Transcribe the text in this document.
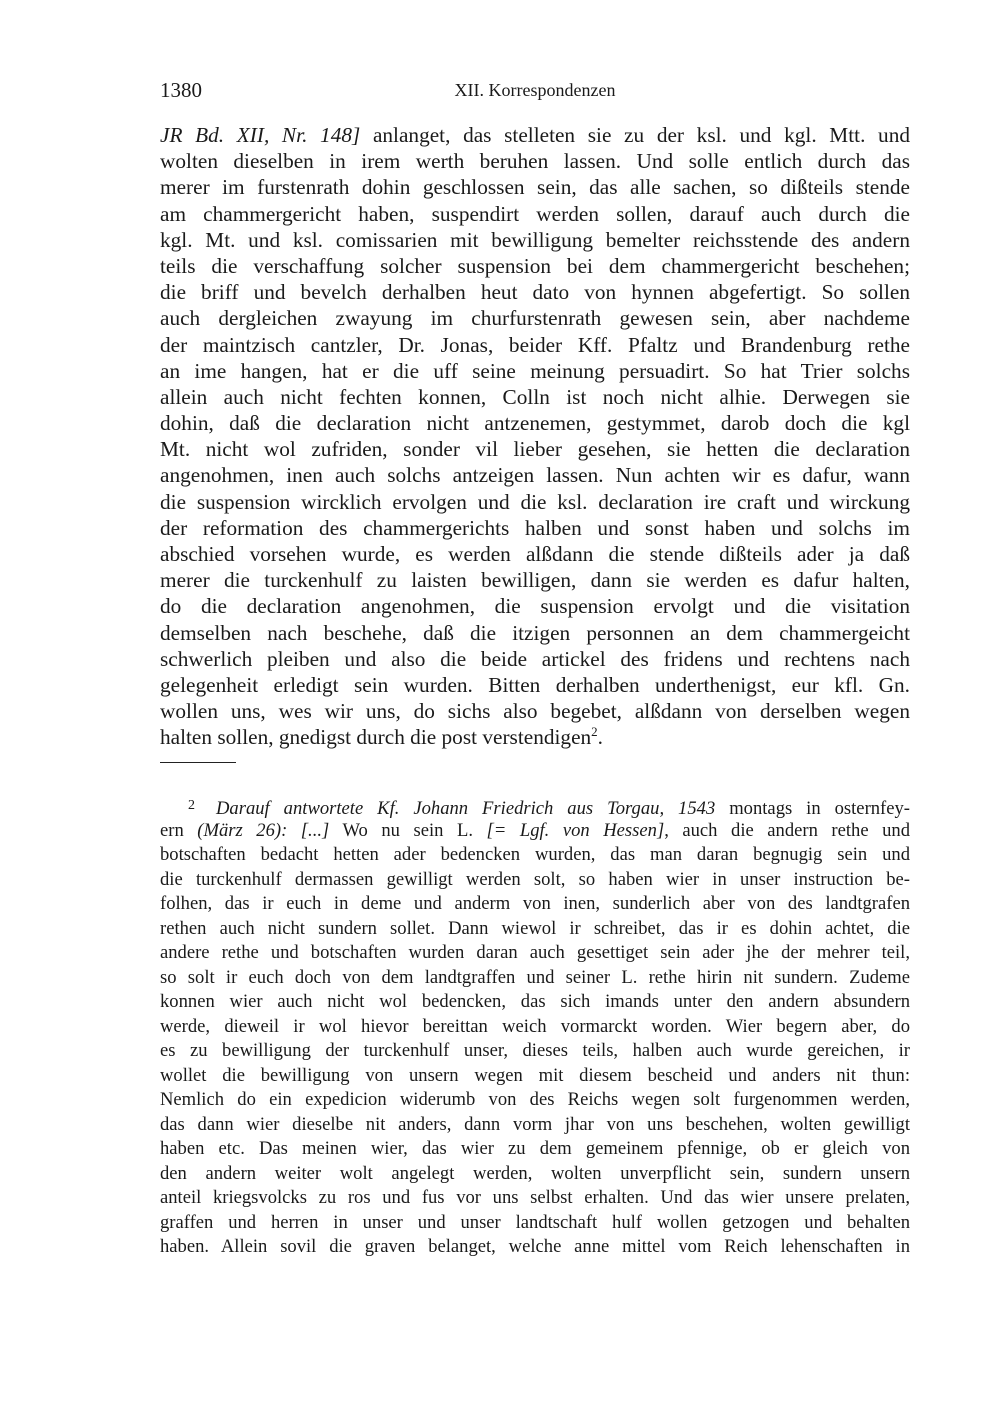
1380	XII. Korrespondenzen
JR Bd. XII, Nr. 148] anlanget, das stelleten sie zu der ksl. und kgl. Mtt. und
wolten dieselben in irem werth beruhen lassen. Und solle entlich durch das
merer im furstenrath dohin geschlossen sein, das alle sachen, so dißteils stende
am chammergericht haben, suspendirt werden sollen, darauf auch durch die
kgl. Mt. und ksl. comissarien mit bewilligung bemelter reichsstende des andern
teils die verschaffung solcher suspension bei dem chammergericht beschehen;
die briff und bevelch derhalben heut dato von hynnen abgefertigt. So sollen
auch dergleichen zwayung im churfurstenrath gewesen sein, aber nachdeme
der maintzisch cantzler, Dr. Jonas, beider Kff. Pfaltz und Brandenburg rethe
an ime hangen, hat er die uff seine meinung persuadirt. So hat Trier solchs
allein auch nicht fechten konnen, Colln ist noch nicht alhie. Derwegen sie
dohin, daß die declaration nicht antzenemen, gestymmet, darob doch die kgl
Mt. nicht wol zufriden, sonder vil lieber gesehen, sie hetten die declaration
angenohmen, inen auch solchs antzeigen lassen. Nun achten wir es dafur, wann
die suspension wircklich ervolgen und die ksl. declaration ire craft und wirckung
der reformation des chammergerichts halben und sonst haben und solchs im
abschied vorsehen wurde, es werden alßdann die stende dißteils ader ja daß
merer die turckenhulf zu laisten bewilligen, dann sie werden es dafur halten,
do die declaration angenohmen, die suspension ervolgt und die visitation
demselben nach beschehe, daß die itzigen personnen an dem chammergeicht
schwerlich pleiben und also die beide artickel des fridens und rechtens nach
gelegenheit erledigt sein wurden. Bitten derhalben underthenigst, eur kfl. Gn.
wollen uns, wes wir uns, do sichs also begebet, alßdann von derselben wegen
halten sollen, gnedigst durch die post verstendigen$^2$.
2 Darauf antwortete Kf. Johann Friedrich aus Torgau, 1543 montags in osternfey-
ern (März 26): [...] Wo nu sein L. [= Lgf. von Hessen], auch die andern rethe und
botschaften bedacht hetten ader bedencken wurden, das man daran begnugig sein und
die turckenhulf dermassen gewilligt werden solt, so haben wier in unser instruction be-
folhen, das ir euch in deme und anderm von inen, sunderlich aber von des landtgrafen
rethen auch nicht sundern sollet. Dann wiewol ir schreibet, das ir es dohin achtet, die
andere rethe und botschaften wurden daran auch gesettiget sein ader jhe der mehrer teil,
so solt ir euch doch von dem landtgraffen und seiner L. rethe hirin nit sundern. Zudeme
konnen wier auch nicht wol bedencken, das sich imands unter den andern absundern
werde, dieweil ir wol hievor bereittan weich vormarckt worden. Wier begern aber, do
es zu bewilligung der turckenhulf unser, dieses teils, halben auch wurde gereichen, ir
wollet die bewilligung von unsern wegen mit diesem bescheid und anders nit thun:
Nemlich do ein expedicion widerumb von des Reichs wegen solt furgenommen werden,
das dann wier dieselbe nit anders, dann vorm jhar von uns beschehen, wolten gewilligt
haben etc. Das meinen wier, das wier zu dem gemeinem pfennige, ob er gleich von
den andern weiter wolt angelegt werden, wolten unverpflicht sein, sundern unsern
anteil kriegsvolcks zu ros und fus vor uns selbst erhalten. Und das wier unsere prelaten,
graffen und herren in unser und unser landtschaft hulf wollen getzogen und behalten
haben. Allein sovil die graven belanget, welche anne mittel vom Reich lehenschaften in
